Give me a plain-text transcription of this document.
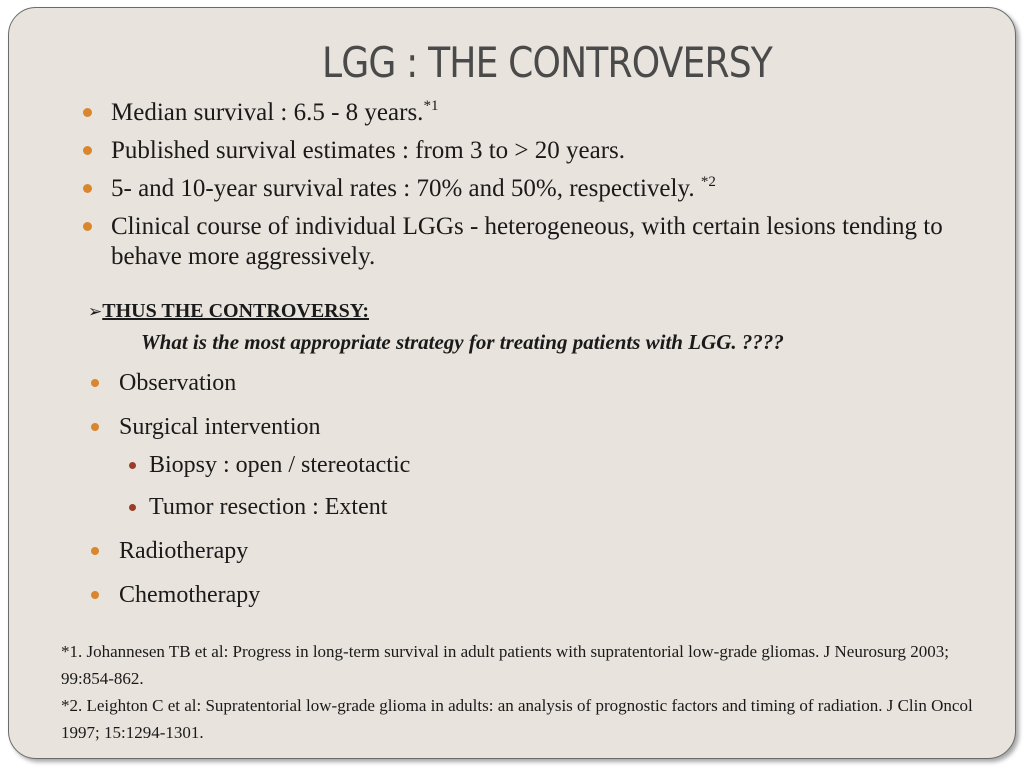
LGG : THE CONTROVERSY
Median survival : 6.5 - 8 years.$^{*1}$
Published survival estimates : from 3 to > 20 years.
5- and 10-year survival rates : 70% and 50%, respectively. $^{*2}$
Clinical course of individual LGGs - heterogeneous, with certain lesions tending to behave more aggressively.
➢THUS THE CONTROVERSY:
What is the most appropriate strategy for treating patients with LGG. ????
Observation
Surgical intervention
Biopsy : open / stereotactic
Tumor resection : Extent
Radiotherapy
Chemotherapy

*1. Johannesen TB et al: Progress in long-term survival in adult patients with supratentorial low-grade gliomas. J Neurosurg 2003; 99:854-862.

*2. Leighton C et al: Supratentorial low-grade glioma in adults: an analysis of prognostic factors and timing of radiation. J Clin Oncol 1997; 15:1294-1301.
